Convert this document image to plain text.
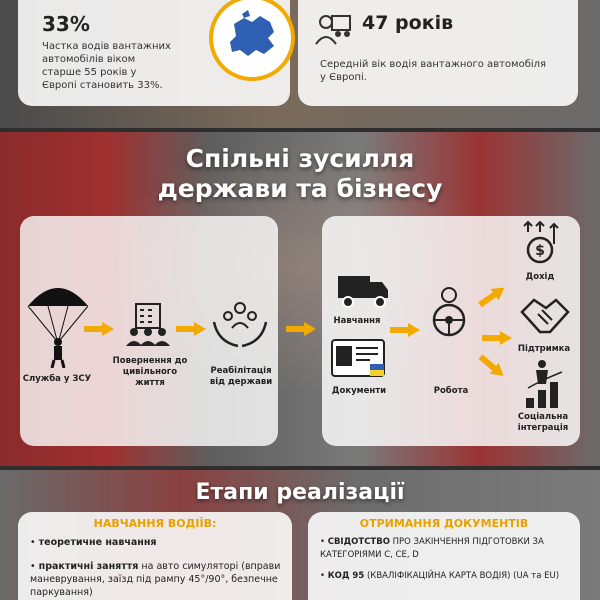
33%
Частка водів вантажних автомобілів віком старше 55 років у Європі становить 33%.
47 років
Середній вік водія вантажного автомобіля у Європі.
Спільні зусилля
держави та бізнесу
Служба у ЗСУ
Повернення до цивільного життя
Реабілітація від держави
Навчання
Документи	Робота
$
Дохід
Підтримка
Соціальна інтеграція
Етапи реалізації
НАВЧАННЯ ВОДІЇВ:
• теоретичне навчання
• практичні заняття на авто симуляторі (вправи маневрування, заїзд під рампу 45°/90°, безпечне паркування)
ОТРИМАННЯ ДОКУМЕНТІВ
• СВІДОТСТВО ПРО ЗАКІНЧЕННЯ ПІДГОТОВКИ ЗА КАТЕГОРІЯМИ C, CE, D
• КОД 95 (КВАЛІФІКАЦІЙНА КАРТА ВОДІЯ) (UA та EU)
